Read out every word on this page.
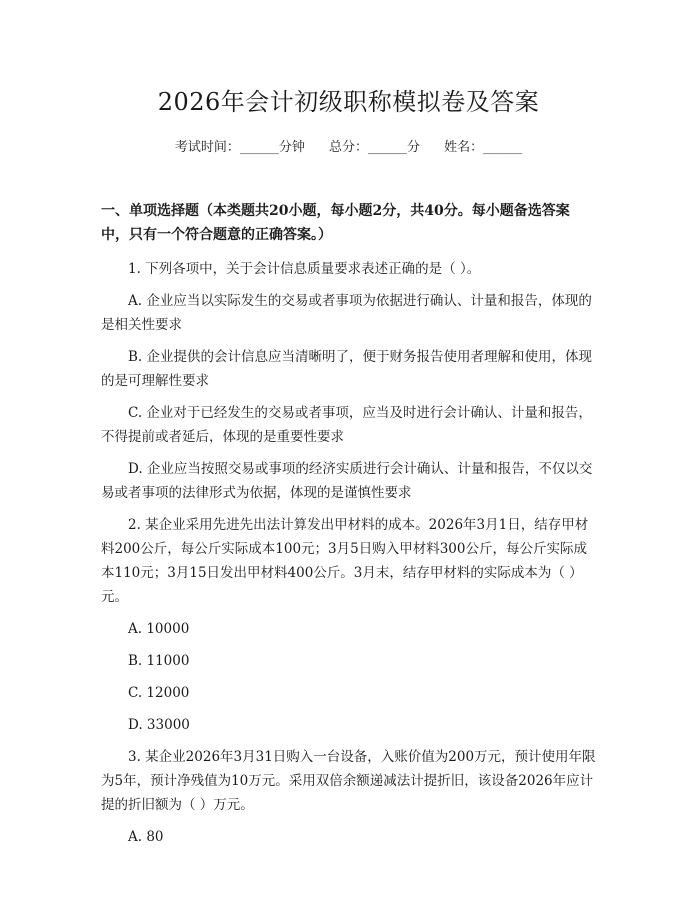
2026年会计初级职称模拟卷及答案
考试时间：______分钟 总分：______分 姓名：______
一、单项选择题（本类题共20小题，每小题2分，共40分。每小题备选答案中，只有一个符合题意的正确答案。）
1. 下列各项中，关于会计信息质量要求表述正确的是（ ）。
A. 企业应当以实际发生的交易或者事项为依据进行确认、计量和报告，体现的是相关性要求
B. 企业提供的会计信息应当清晰明了，便于财务报告使用者理解和使用，体现的是可理解性要求
C. 企业对于已经发生的交易或者事项，应当及时进行会计确认、计量和报告，不得提前或者延后，体现的是重要性要求
D. 企业应当按照交易或事项的经济实质进行会计确认、计量和报告，不仅以交易或者事项的法律形式为依据，体现的是谨慎性要求
2. 某企业采用先进先出法计算发出甲材料的成本。2026年3月1日，结存甲材料200公斤，每公斤实际成本100元；3月5日购入甲材料300公斤，每公斤实际成本110元；3月15日发出甲材料400公斤。3月末，结存甲材料的实际成本为（ ）元。
A. 10000
B. 11000
C. 12000
D. 33000
3. 某企业2026年3月31日购入一台设备，入账价值为200万元，预计使用年限为5年，预计净残值为10万元。采用双倍余额递减法计提折旧，该设备2026年应计提的折旧额为（ ）万元。
A. 80
